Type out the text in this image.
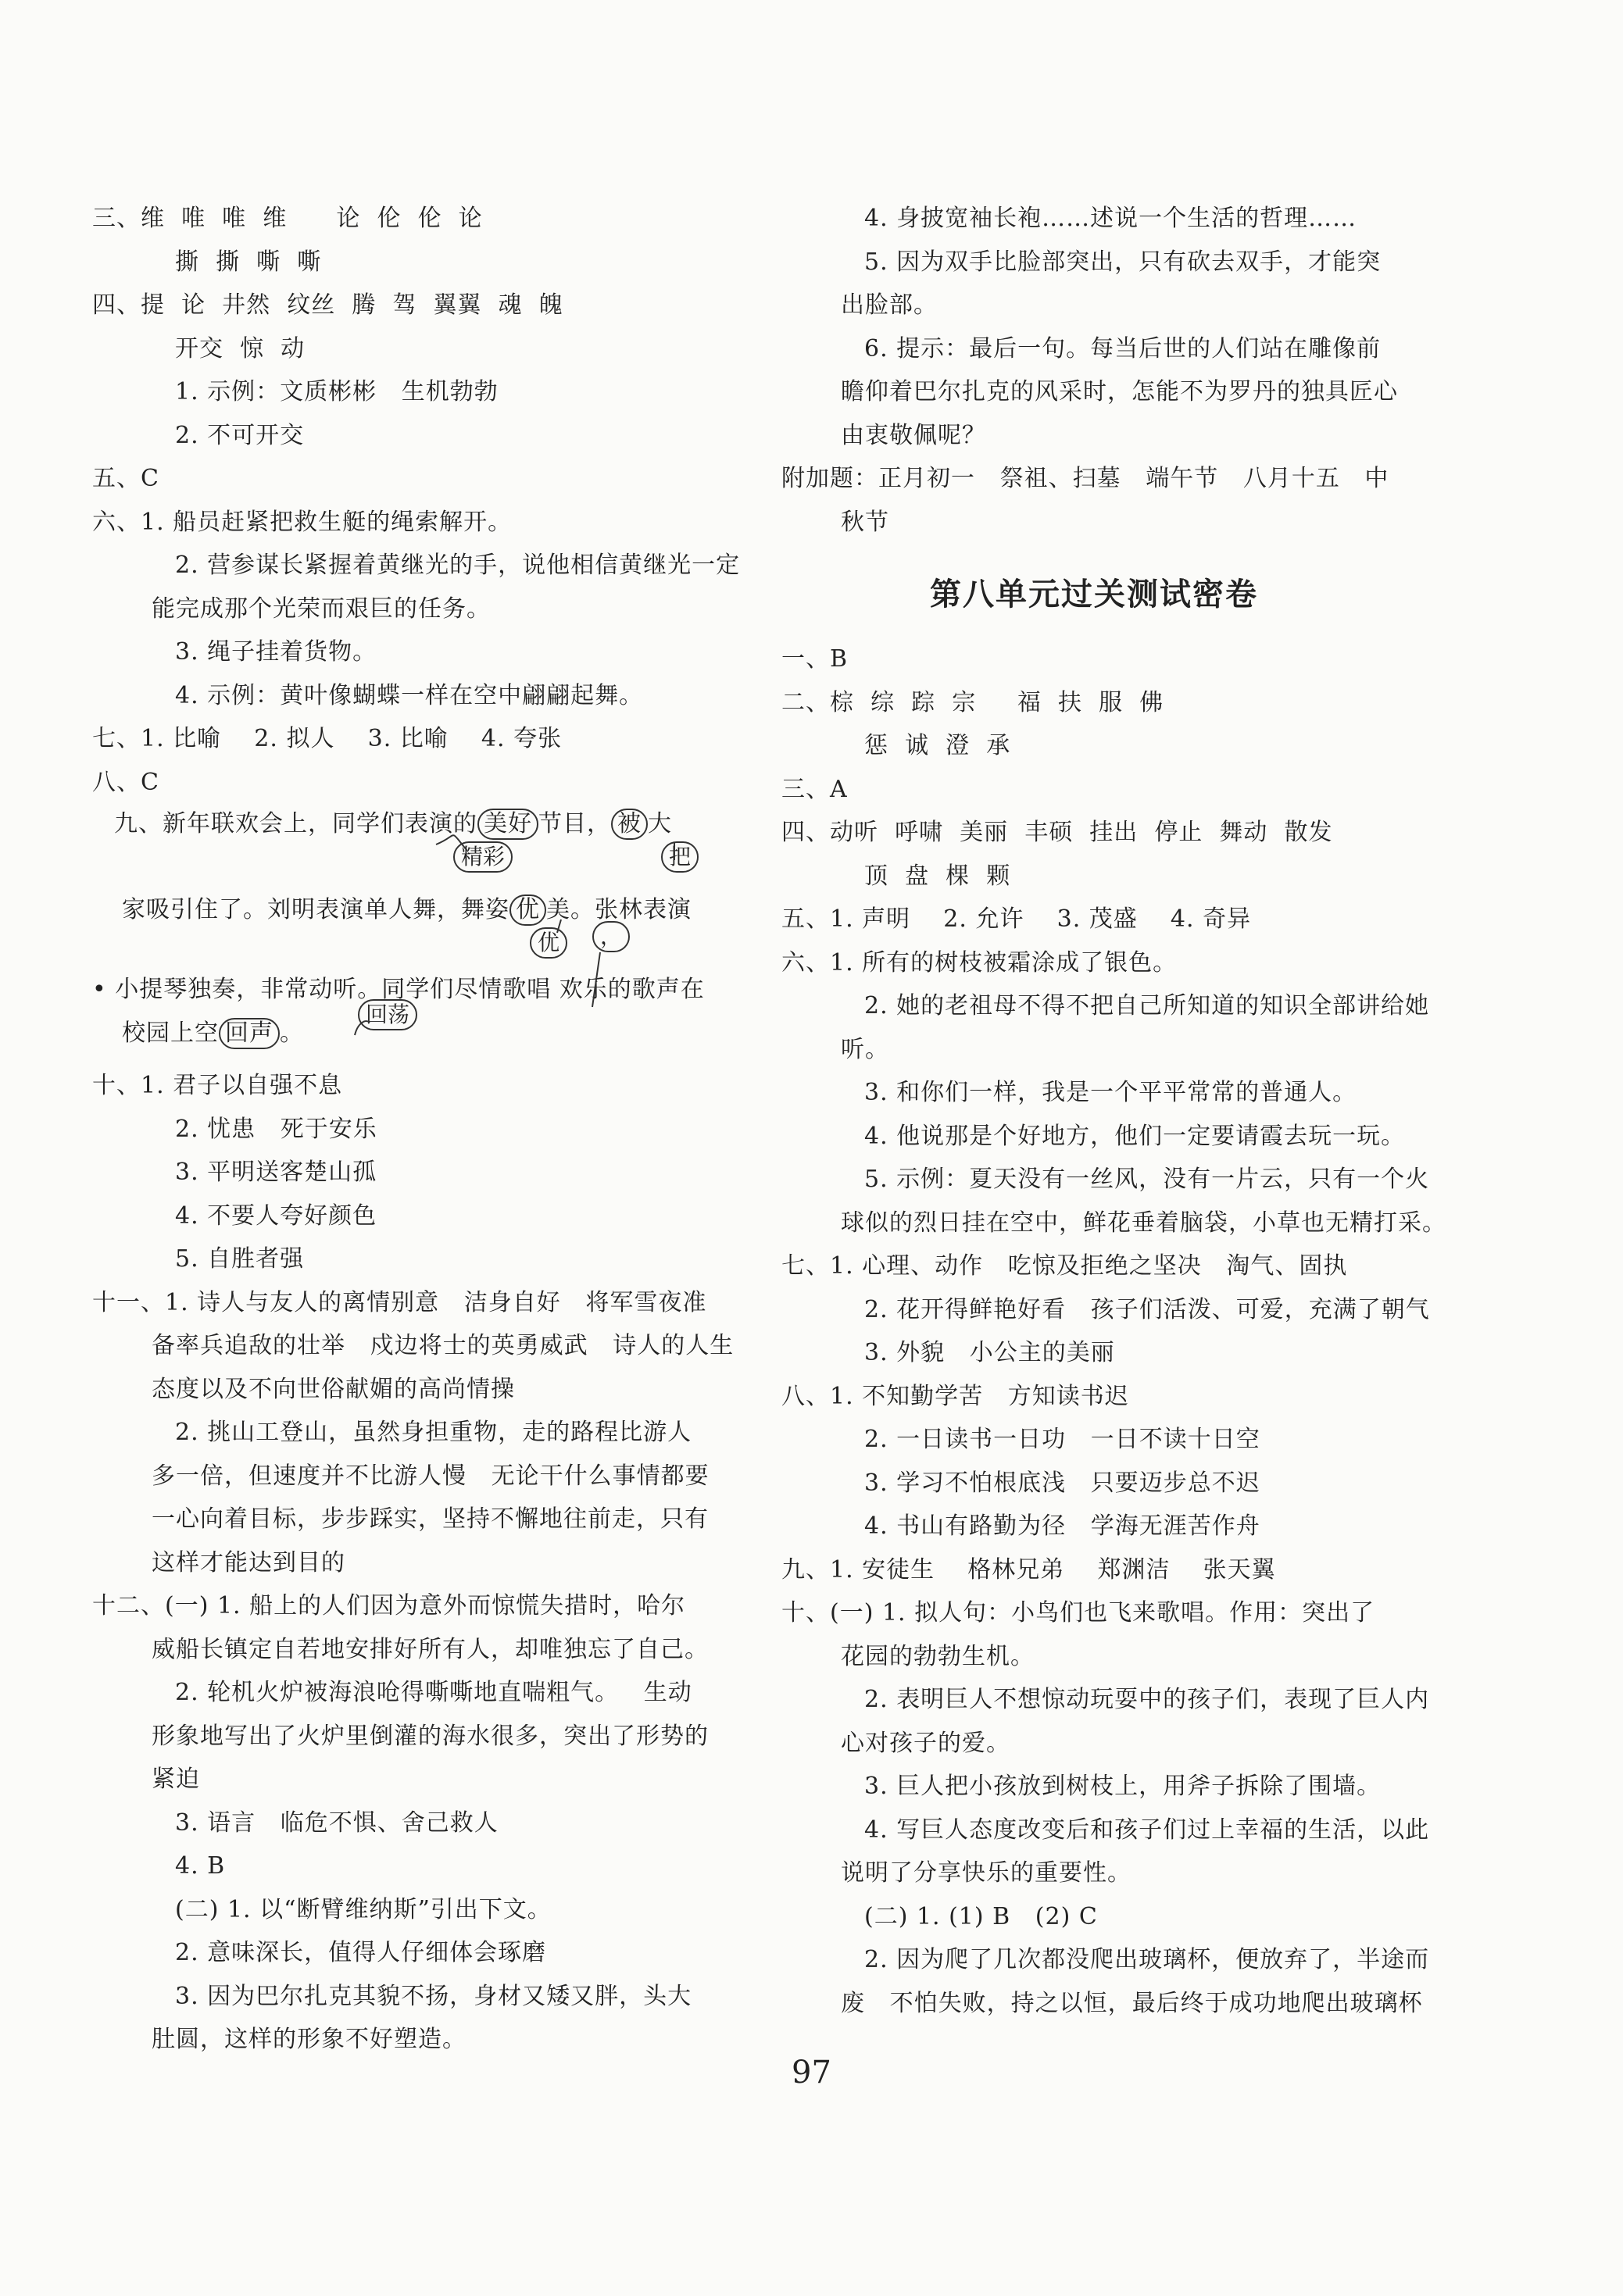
三、维  唯  唯  维      论  伦  伦  论
撕  撕  嘶  嘶
四、提  论  井然  纹丝  腾  驾  翼翼  魂  魄
开交  惊  动
1. 示例：文质彬彬   生机勃勃
2. 不可开交
五、C
六、1. 船员赶紧把救生艇的绳索解开。
2. 营参谋长紧握着黄继光的手，说他相信黄继光一定
能完成那个光荣而艰巨的任务。
3. 绳子挂着货物。
4. 示例：黄叶像蝴蝶一样在空中翩翩起舞。
七、1. 比喻    2. 拟人    3. 比喻    4. 夸张
八、C
九、新年联欢会上，同学们表演的 美好 节目， 被 大
精彩	把
家吸引住了。刘明表演单人舞，舞姿 优 美。张林表演
优	，
• 小提琴独奏，非常动听。同学们尽情歌唱 欢乐的歌声在
校园上空 回声 。
回荡
十、1. 君子以自强不息
2. 忧患   死于安乐
3. 平明送客楚山孤
4. 不要人夸好颜色
5. 自胜者强
十一、1. 诗人与友人的离情别意   洁身自好   将军雪夜准
备率兵追敌的壮举   戍边将士的英勇威武   诗人的人生
态度以及不向世俗献媚的高尚情操
2. 挑山工登山，虽然身担重物，走的路程比游人
多一倍，但速度并不比游人慢   无论干什么事情都要
一心向着目标，步步踩实，坚持不懈地往前走，只有
这样才能达到目的
十二、(一) 1. 船上的人们因为意外而惊慌失措时，哈尔
威船长镇定自若地安排好所有人，却唯独忘了自己。
2. 轮机火炉被海浪呛得嘶嘶地直喘粗气。   生动
形象地写出了火炉里倒灌的海水很多，突出了形势的
紧迫
3. 语言   临危不惧、舍己救人
4. B
(二) 1. 以“断臂维纳斯”引出下文。
2. 意味深长，值得人仔细体会琢磨
3. 因为巴尔扎克其貌不扬，身材又矮又胖，头大
肚圆，这样的形象不好塑造。
4. 身披宽袖长袍……述说一个生活的哲理……
5. 因为双手比脸部突出，只有砍去双手，才能突
出脸部。
6. 提示：最后一句。每当后世的人们站在雕像前
瞻仰着巴尔扎克的风采时，怎能不为罗丹的独具匠心
由衷敬佩呢？
附加题：正月初一   祭祖、扫墓   端午节   八月十五   中
秋节
第八单元过关测试密卷
一、B
二、棕  综  踪  宗     福  扶  服  佛
惩  诚  澄  承
三、A
四、动听  呼啸  美丽  丰硕  挂出  停止  舞动  散发
顶  盘  棵  颗
五、1. 声明    2. 允许    3. 茂盛    4. 奇异
六、1. 所有的树枝被霜涂成了银色。
2. 她的老祖母不得不把自己所知道的知识全部讲给她
听。
3. 和你们一样，我是一个平平常常的普通人。
4. 他说那是个好地方，他们一定要请霞去玩一玩。
5. 示例：夏天没有一丝风，没有一片云，只有一个火
球似的烈日挂在空中，鲜花垂着脑袋，小草也无精打采。
七、1. 心理、动作   吃惊及拒绝之坚决   淘气、固执
2. 花开得鲜艳好看   孩子们活泼、可爱，充满了朝气
3. 外貌   小公主的美丽
八、1. 不知勤学苦   方知读书迟
2. 一日读书一日功   一日不读十日空
3. 学习不怕根底浅   只要迈步总不迟
4. 书山有路勤为径   学海无涯苦作舟
九、1. 安徒生    格林兄弟    郑渊洁    张天翼
十、(一) 1. 拟人句：小鸟们也飞来歌唱。作用：突出了
花园的勃勃生机。
2. 表明巨人不想惊动玩耍中的孩子们，表现了巨人内
心对孩子的爱。
3. 巨人把小孩放到树枝上，用斧子拆除了围墙。
4. 写巨人态度改变后和孩子们过上幸福的生活，以此
说明了分享快乐的重要性。
(二) 1. (1) B   (2) C
2. 因为爬了几次都没爬出玻璃杯，便放弃了，半途而
废   不怕失败，持之以恒，最后终于成功地爬出玻璃杯
97
